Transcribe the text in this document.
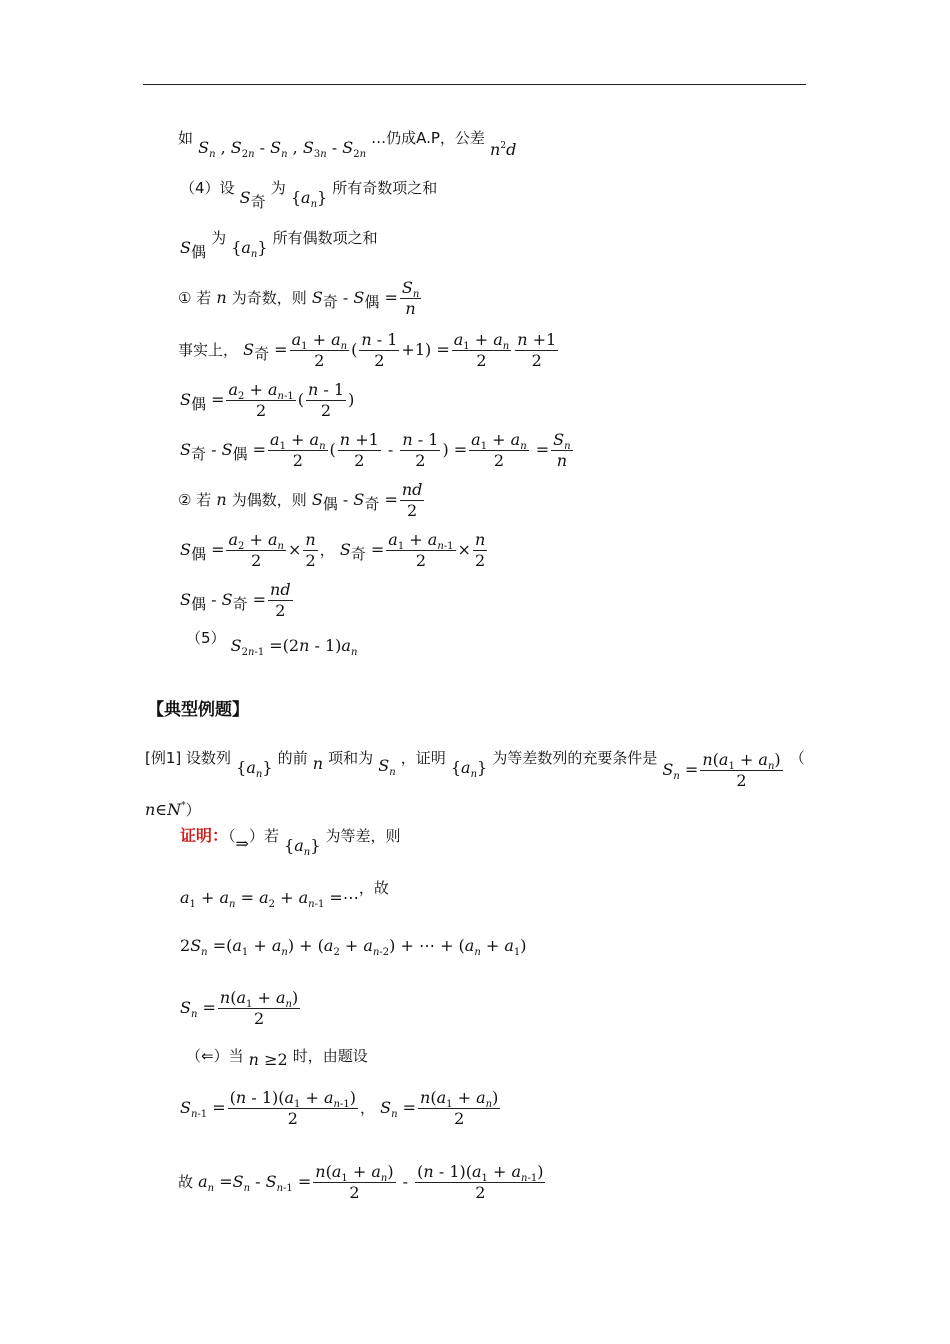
如 $S_n$ , $S_{2n} - S_n$ , $S_{3n} - S_{2n}$ …仍成A.P，公差 $n^2d$
（4）设 $S_奇$ 为 $\{a_n\}$ 所有奇数项之和
$S_偶$ 为 $\{a_n\}$ 所有偶数项之和
① 若 n 为奇数，则 $S_奇 - S_偶 = \frac{S_n}{n}$
事实上， $S_奇 = \frac{a_1 + a_n}{2}$ ( $\frac{n - 1}{2} +1) = \frac{a_1 + a_n}{2} \frac{n +1}{2}$
$S_偶 = \frac{a_2 + a_{n-1}}{2}$ ( $\frac{n - 1}{2}$ )
$S_奇 - S_偶 = \frac{a_1 + a_n}{2}$ ( $\frac{n +1}{2} - \frac{n - 1}{2}$ ) = $\frac{a_1 + a_n}{2} = \frac{S_n}{n}$
② 若 n 为偶数，则 $S_偶 - S_奇 = \frac{nd}{2}$
$S_偶 = \frac{a_2 + a_n}{2} \times \frac{n}{2}$ ， $S_奇 = \frac{a_1 + a_{n-1}}{2} \times \frac{n}{2}$
$S_偶 - S_奇 = \frac{nd}{2}$
（5） $S_{2n-1} =(2n - 1)a_n$
【典型例题】
[例1] 设数列 $\{a_n\}$ 的前 n 项和为 $S_n$ ，证明 $\{a_n\}$ 为等差数列的充要条件是 $S_n = \frac{n(a_1 + a_n)}{2}$ （
n∈N*）
证明：（⇒）若 $\{a_n\}$ 为等差，则
$a_1 + a_n = a_2 + a_{n-1}$ =⋯，故
$2S_n =(a_1 + a_n) + (a_2 + a_{n-2})$ + ⋯ + $(a_n + a_1)$
$S_n = \frac{n(a_1 + a_n)}{2}$
（⇐）当 n ≥2 时，由题设
$S_{n-1} = \frac{(n - 1)(a_1 + a_{n-1})}{2}$ ， $S_n = \frac{n(a_1 + a_n)}{2}$
故 $a_n =S_n - S_{n-1} = \frac{n(a_1 + a_n)}{2} - \frac{(n - 1)(a_1 + a_{n-1})}{2}$
